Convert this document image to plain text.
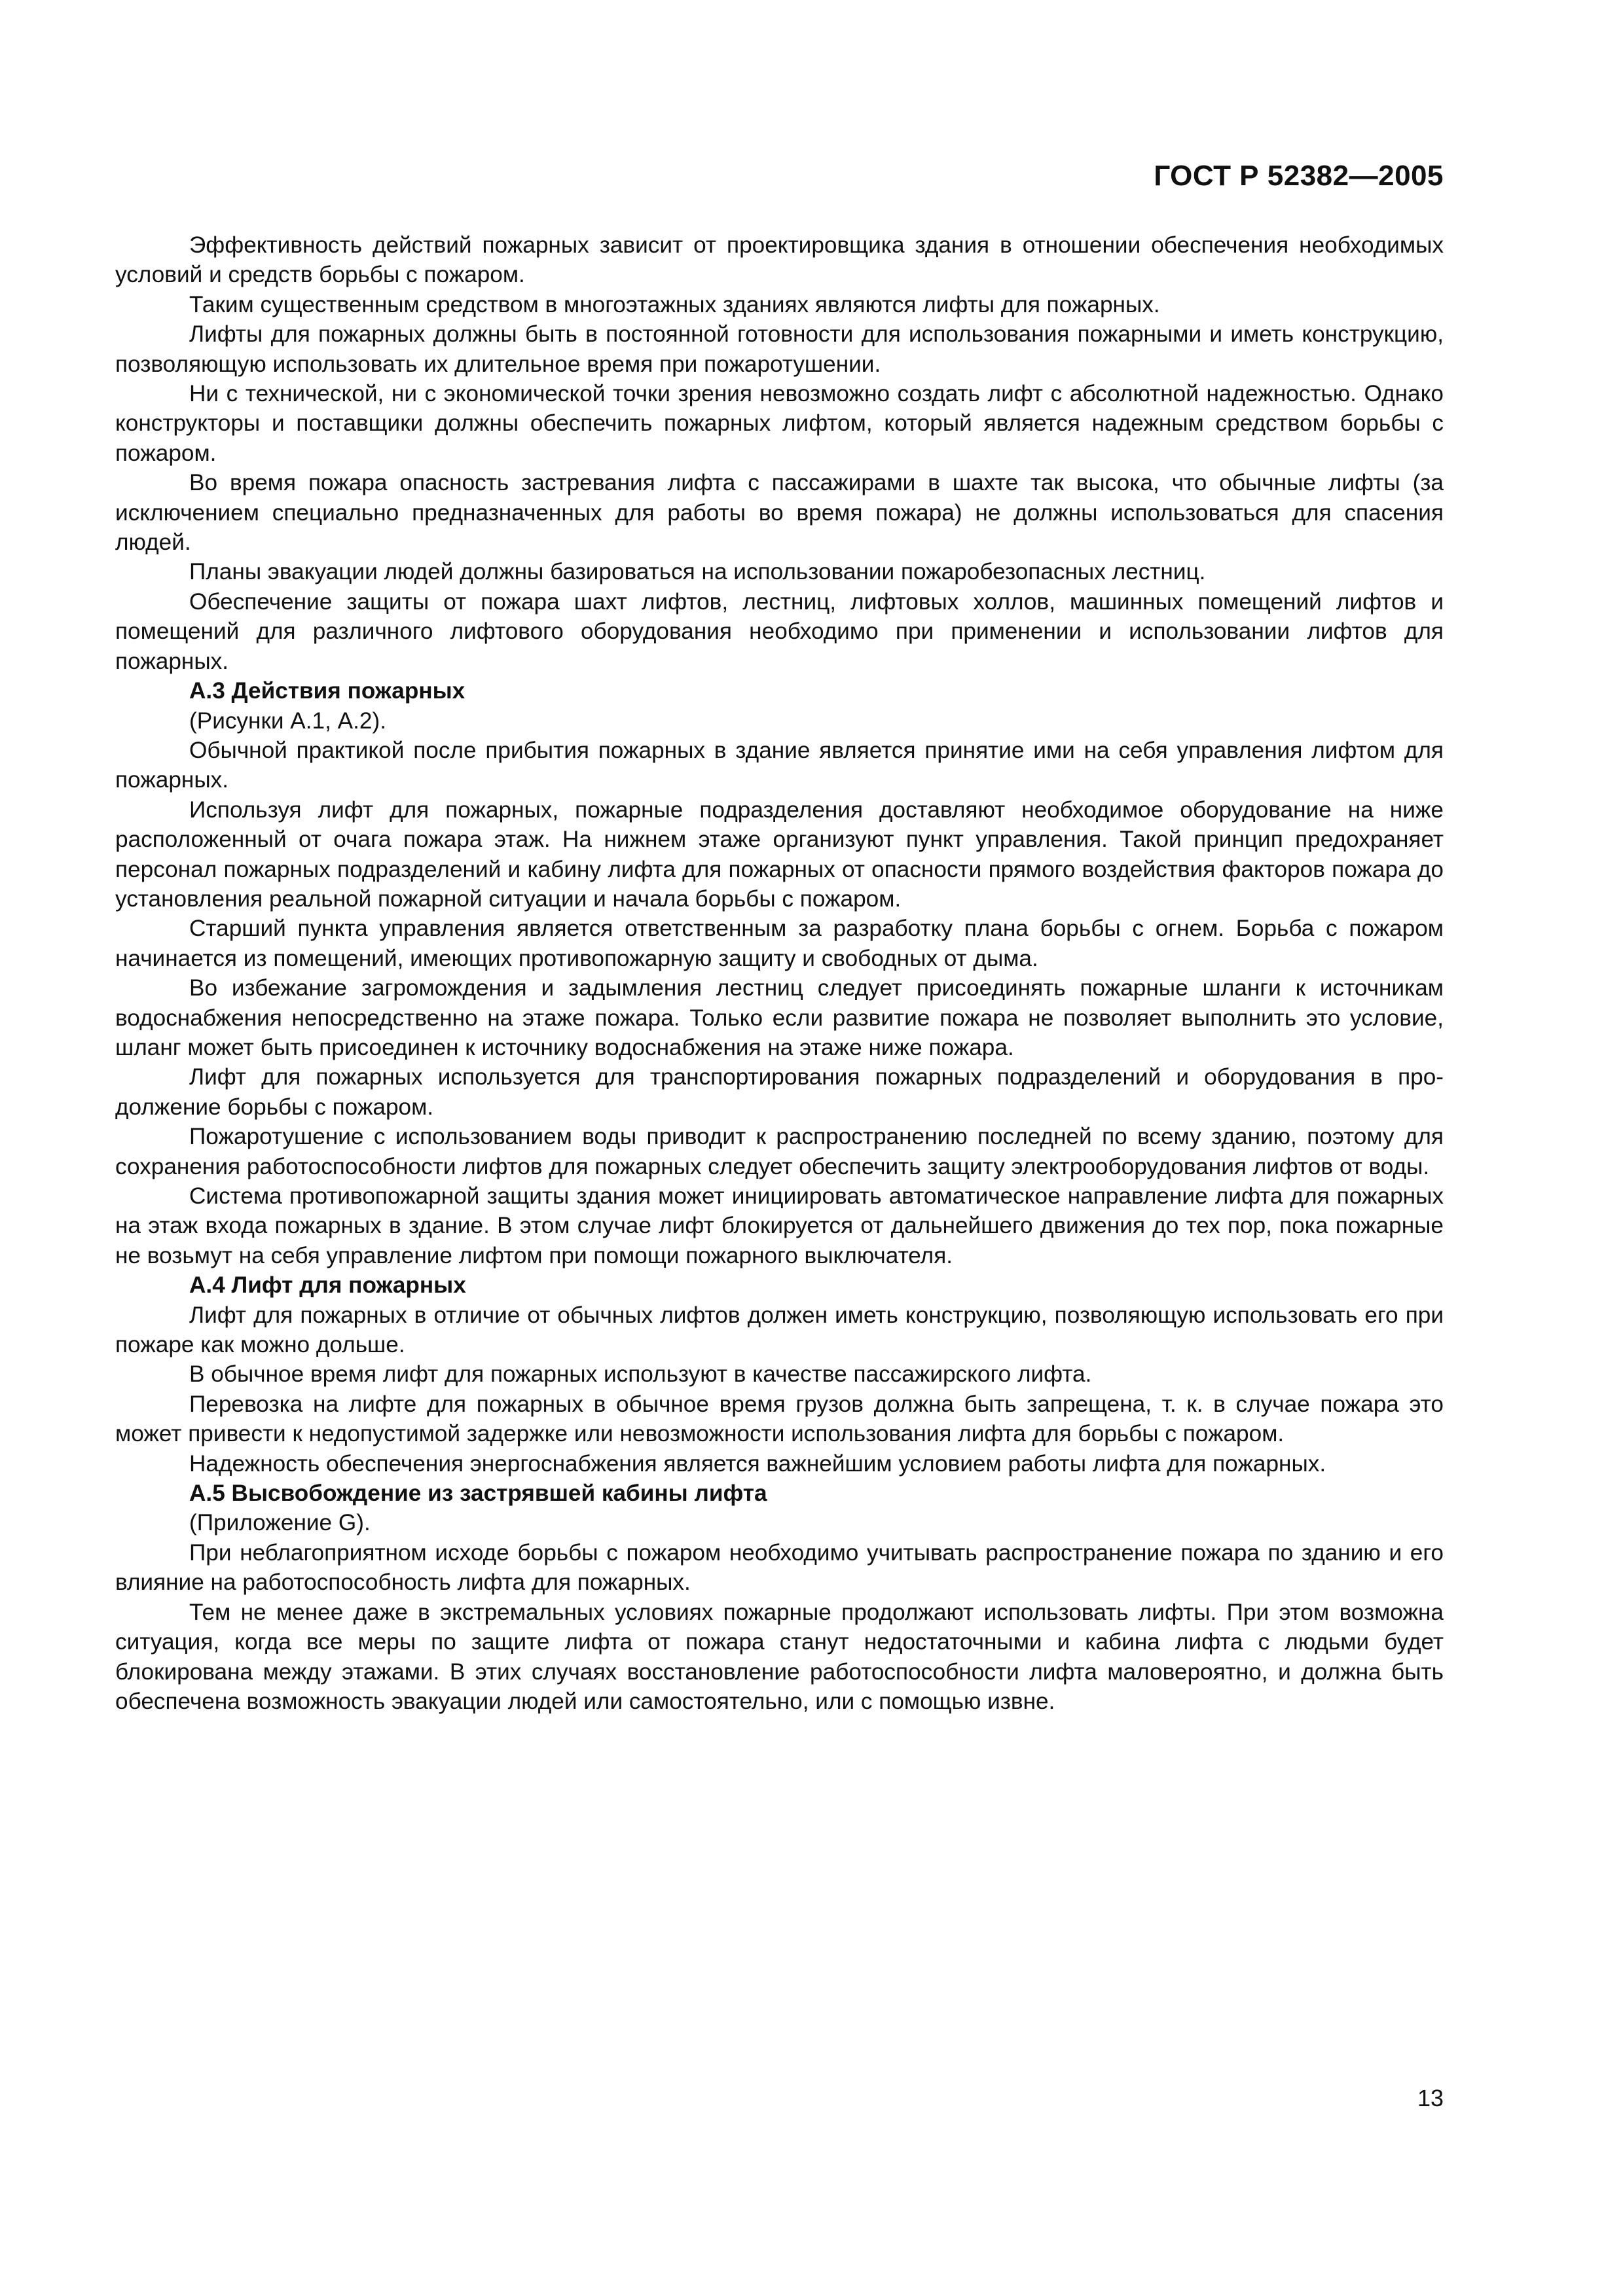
ГОСТ Р 52382—2005

Эффективность действий пожарных зависит от проектировщика здания в отношении обеспечения необходимых условий и средств борьбы с пожаром.

Таким существенным средством в многоэтажных зданиях являются лифты для пожарных.

Лифты для пожарных должны быть в постоянной готовности для использования пожарными и иметь конструкцию, позволяющую использовать их длительное время при пожаротушении.

Ни с технической, ни с экономической точки зрения невозможно создать лифт с абсолютной надежностью. Однако конструкторы и поставщики должны обеспечить пожарных лифтом, который является надежным средством борьбы с пожаром.

Во время пожара опасность застревания лифта с пассажирами в шахте так высока, что обычные лифты (за исключением специально предназначенных для работы во время пожара) не должны использоваться для спасения людей.

Планы эвакуации людей должны базироваться на использовании пожаробезопасных лестниц.

Обеспечение защиты от пожара шахт лифтов, лестниц, лифтовых холлов, машинных помещений лифтов и помещений для различного лифтового оборудования необходимо при применении и использовании лифтов для пожарных.

А.3 Действия пожарных

(Рисунки А.1, А.2).

Обычной практикой после прибытия пожарных в здание является принятие ими на себя управления лифтом для пожарных.

Используя лифт для пожарных, пожарные подразделения доставляют необходимое оборудование на ниже расположенный от очага пожара этаж. На нижнем этаже организуют пункт управления. Такой принцип предохраняет персонал пожарных подразделений и кабину лифта для пожарных от опасности прямого воздействия факторов пожара до установления реальной пожарной ситуации и начала борьбы с пожаром.

Старший пункта управления является ответственным за разработку плана борьбы с огнем. Борьба с пожаром начинается из помещений, имеющих противопожарную защиту и свободных от дыма.

Во избежание загромождения и задымления лестниц следует присоединять пожарные шланги к источникам водоснабжения непосредственно на этаже пожара. Только если развитие пожара не позволяет выполнить это условие, шланг может быть присоединен к источнику водоснабжения на этаже ниже пожара.

Лифт для пожарных используется для транспортирования пожарных подразделений и оборудования в продолжение борьбы с пожаром.

Пожаротушение с использованием воды приводит к распространению последней по всему зданию, поэтому для сохранения работоспособности лифтов для пожарных следует обеспечить защиту электрооборудования лифтов от воды.

Система противопожарной защиты здания может инициировать автоматическое направление лифта для пожарных на этаж входа пожарных в здание. В этом случае лифт блокируется от дальнейшего движения до тех пор, пока пожарные не возьмут на себя управление лифтом при помощи пожарного выключателя.

А.4 Лифт для пожарных

Лифт для пожарных в отличие от обычных лифтов должен иметь конструкцию, позволяющую использовать его при пожаре как можно дольше.

В обычное время лифт для пожарных используют в качестве пассажирского лифта.

Перевозка на лифте для пожарных в обычное время грузов должна быть запрещена, т. к. в случае пожара это может привести к недопустимой задержке или невозможности использования лифта для борьбы с пожаром.

Надежность обеспечения энергоснабжения является важнейшим условием работы лифта для пожарных.

А.5 Высвобождение из застрявшей кабины лифта

(Приложение G).

При неблагоприятном исходе борьбы с пожаром необходимо учитывать распространение пожара по зданию и его влияние на работоспособность лифта для пожарных.

Тем не менее даже в экстремальных условиях пожарные продолжают использовать лифты. При этом возможна ситуация, когда все меры по защите лифта от пожара станут недостаточными и кабина лифта с людьми будет блокирована между этажами. В этих случаях восстановление работоспособности лифта маловероятно, и должна быть обеспечена возможность эвакуации людей или самостоятельно, или с помощью извне.

13
